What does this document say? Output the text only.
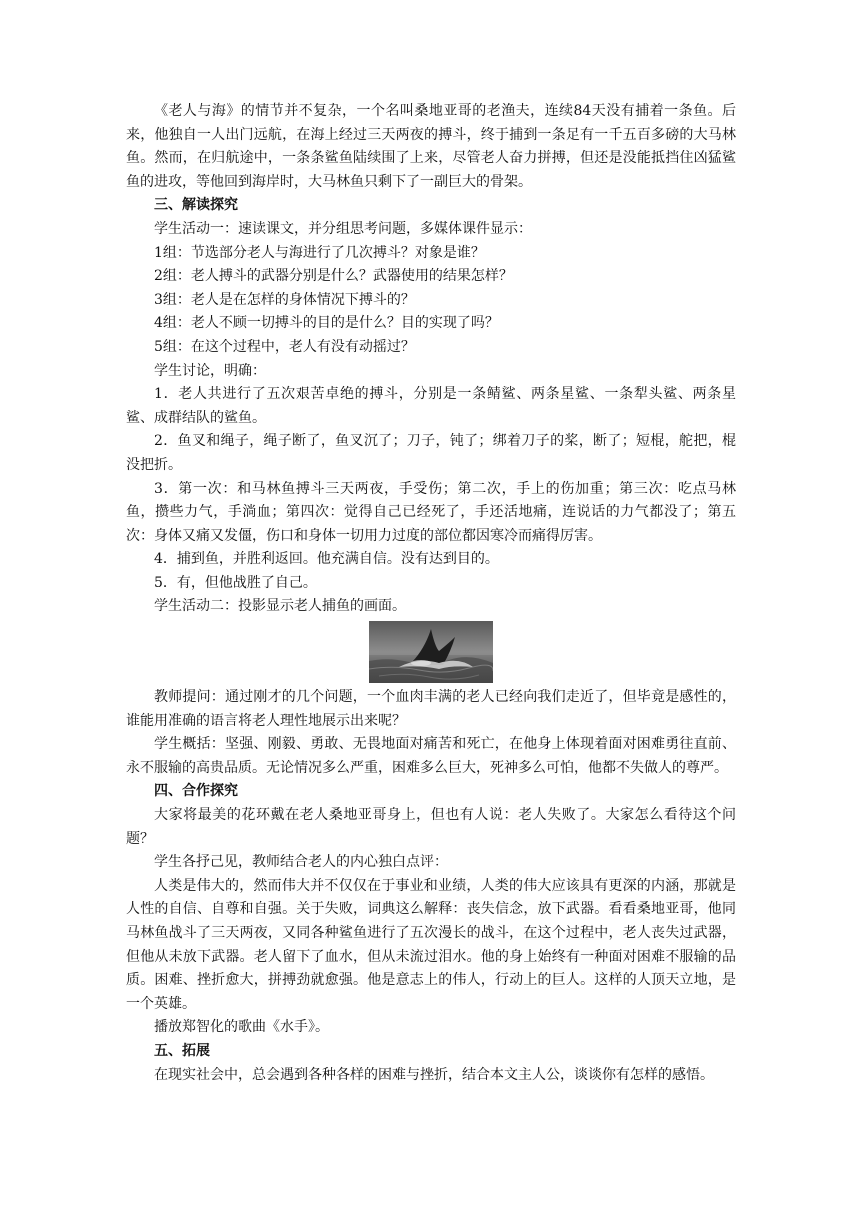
《老人与海》的情节并不复杂，一个名叫桑地亚哥的老渔夫，连续84天没有捕着一条鱼。后来，他独自一人出门远航，在海上经过三天两夜的搏斗，终于捕到一条足有一千五百多磅的大马林鱼。然而，在归航途中，一条条鲨鱼陆续围了上来，尽管老人奋力拼搏，但还是没能抵挡住凶猛鲨鱼的进攻，等他回到海岸时，大马林鱼只剩下了一副巨大的骨架。

三、解读探究

学生活动一：速读课文，并分组思考问题，多媒体课件显示：

1组：节选部分老人与海进行了几次搏斗？对象是谁？

2组：老人搏斗的武器分别是什么？武器使用的结果怎样？

3组：老人是在怎样的身体情况下搏斗的？

4组：老人不顾一切搏斗的目的是什么？目的实现了吗？

5组：在这个过程中，老人有没有动摇过？

学生讨论，明确：

1．老人共进行了五次艰苦卓绝的搏斗，分别是一条鲭鲨、两条星鲨、一条犁头鲨、两条星鲨、成群结队的鲨鱼。

2．鱼叉和绳子，绳子断了，鱼叉沉了；刀子，钝了；绑着刀子的桨，断了；短棍，舵把，棍没把折。

3．第一次：和马林鱼搏斗三天两夜，手受伤；第二次，手上的伤加重；第三次：吃点马林鱼，攒些力气，手淌血；第四次：觉得自己已经死了，手还活地痛，连说话的力气都没了；第五次：身体又痛又发僵，伤口和身体一切用力过度的部位都因寒冷而痛得厉害。

4．捕到鱼，并胜利返回。他充满自信。没有达到目的。

5．有，但他战胜了自己。

学生活动二：投影显示老人捕鱼的画面。

教师提问：通过刚才的几个问题，一个血肉丰满的老人已经向我们走近了，但毕竟是感性的，谁能用准确的语言将老人理性地展示出来呢？

学生概括：坚强、刚毅、勇敢、无畏地面对痛苦和死亡，在他身上体现着面对困难勇往直前、永不服输的高贵品质。无论情况多么严重，困难多么巨大，死神多么可怕，他都不失做人的尊严。

四、合作探究

大家将最美的花环戴在老人桑地亚哥身上，但也有人说：老人失败了。大家怎么看待这个问题？

学生各抒己见，教师结合老人的内心独白点评：

人类是伟大的，然而伟大并不仅仅在于事业和业绩，人类的伟大应该具有更深的内涵，那就是人性的自信、自尊和自强。关于失败，词典这么解释：丧失信念，放下武器。看看桑地亚哥，他同马林鱼战斗了三天两夜，又同各种鲨鱼进行了五次漫长的战斗，在这个过程中，老人丧失过武器，但他从未放下武器。老人留下了血水，但从未流过泪水。他的身上始终有一种面对困难不服输的品质。困难、挫折愈大，拼搏劲就愈强。他是意志上的伟人，行动上的巨人。这样的人顶天立地，是一个英雄。

播放郑智化的歌曲《水手》。

五、拓展

在现实社会中，总会遇到各种各样的困难与挫折，结合本文主人公，谈谈你有怎样的感悟。
